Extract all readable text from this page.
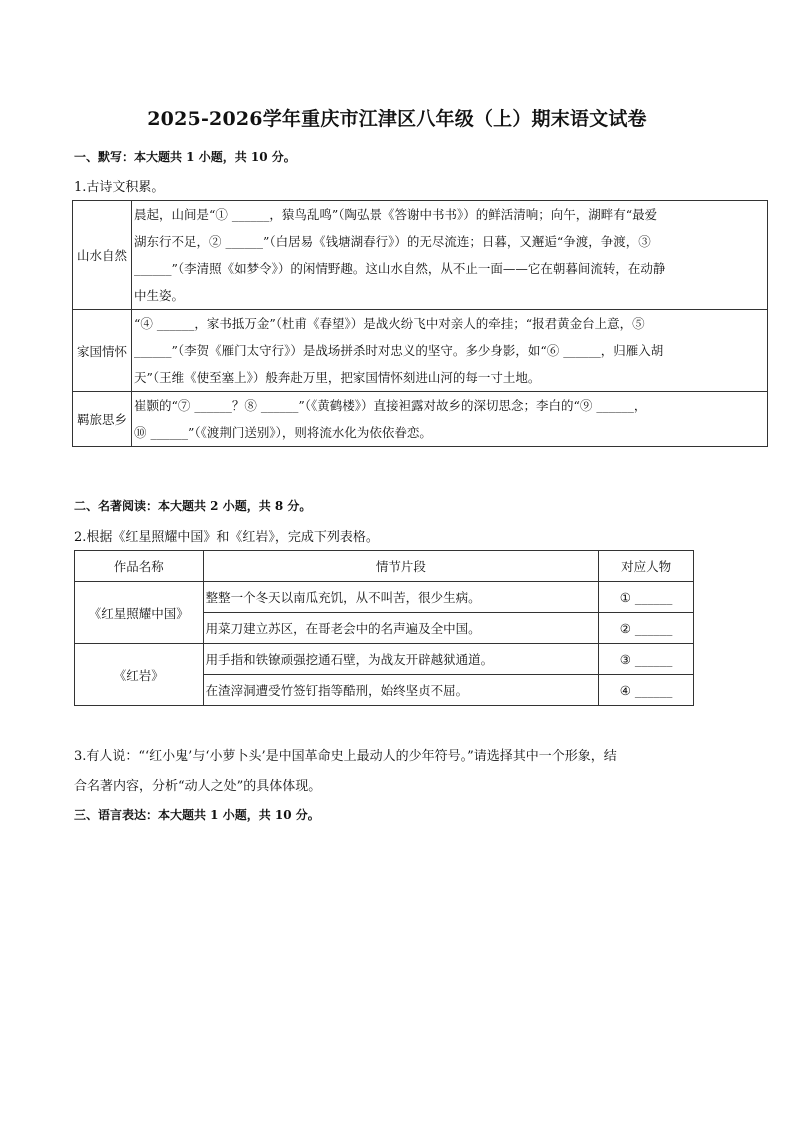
2025-2026学年重庆市江津区八年级（上）期末语文试卷
一、默写：本大题共 1 小题，共 10 分。
1.古诗文积累。
山水自然	晨起，山间是“① ______，猿鸟乱鸣”（陶弘景《答谢中书书》）的鲜活清响；向午，湖畔有“最爱
湖东行不足，② ______”（白居易《钱塘湖春行》）的无尽流连；日暮，又邂逅“争渡，争渡，③
______”（李清照《如梦令》）的闲情野趣。这山水自然，从不止一面——它在朝暮间流转，在动静
中生姿。

家国情怀	“④ ______，家书抵万金”（杜甫《春望》）是战火纷飞中对亲人的牵挂；“报君黄金台上意，⑤
______”（李贺《雁门太守行》）是战场拼杀时对忠义的坚守。多少身影，如“⑥ ______，归雁入胡
天”（王维《使至塞上》）般奔赴万里，把家国情怀刻进山河的每一寸土地。

羁旅思乡	崔颢的“⑦ ______？⑧ ______”（《黄鹤楼》）直接袒露对故乡的深切思念；李白的“⑨ ______，
⑩ ______”（《渡荆门送别》），则将流水化为依依眷恋。
二、名著阅读：本大题共 2 小题，共 8 分。
2.根据《红星照耀中国》和《红岩》，完成下列表格。
作品名称	情节片段	对应人物
《红星照耀中国》	整整一个冬天以南瓜充饥，从不叫苦，很少生病。	① ______
	用菜刀建立苏区，在哥老会中的名声遍及全中国。	② ______
《红岩》	用手指和铁镣顽强挖通石壁，为战友开辟越狱通道。	③ ______
	在渣滓洞遭受竹签钉指等酷刑，始终坚贞不屈。	④ ______
3.有人说：“‘红小鬼’与‘小萝卜头’是中国革命史上最动人的少年符号。”请选择其中一个形象，结
合名著内容，分析“动人之处”的具体体现。
三、语言表达：本大题共 1 小题，共 10 分。
